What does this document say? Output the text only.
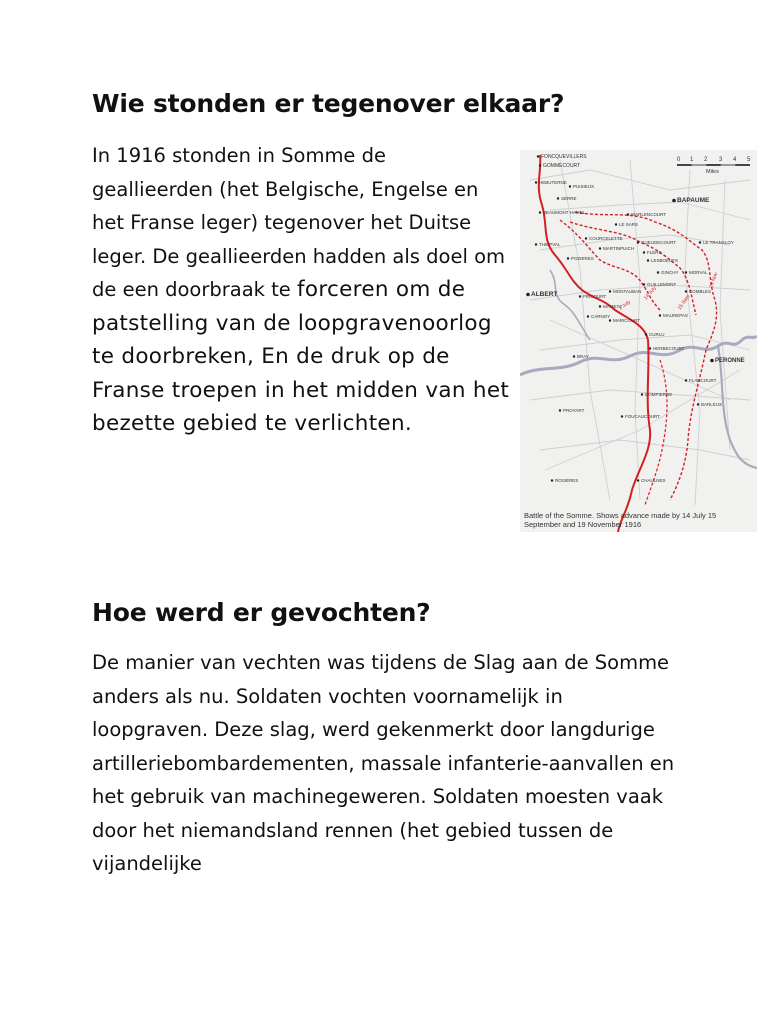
Wie stonden er tegenover elkaar?

In 1916 stonden in Somme de geallieerden (het Belgische, Engelse en het Franse leger) tegenover het Duitse leger. De geallieerden hadden als doel om de een doorbraak te forceren om de patstelling van de loopgravenoorlog te doorbreken, En de druk op de Franse troepen in het midden van het bezette gebied te verlichten.

0 1 2 3 4 5
Miles
FONCQUEVILLERS
GOMMECOURT
HEBUTERNE
PUISIEUX
SERRE	BAPAUME
BEAUMONT HAMEL	WARLENCOURT
LE SARS
LE TRANSLOY
THIEPVAL
COURCELETTE
GUEUDECOURT
FLERS
MARTINPUICH
LESBOEUFS
POZIERES
GINCHY MORVAL
ALBERT	COMBLES
MONTAUBAN
GUILLEMONT
FRICOURT
MAMETZ
MARICOURT
MAUREPAS
CARNOY
CURLU
BRAY
PERONNE
FLAUCOURT
DOMPIERRE
PROYART
BARLEUX
FOUCAUCOURT
HERBECOURT
ROSIERES	CHAULNES
1 July
14 July
15 Sept
19 Nov
Battle of the Somme. Shows advance made by 14 July 15 September and 19 November 1916
Hoe werd er gevochten?

De manier van vechten was tijdens de Slag aan de Somme anders als nu. Soldaten vochten voornamelijk in loopgraven. Deze slag, werd gekenmerkt door langdurige artilleriebombardementen, massale infanterie-aanvallen en het gebruik van machinegeweren. Soldaten moesten vaak door het niemandsland rennen (het gebied tussen de vijandelijke
